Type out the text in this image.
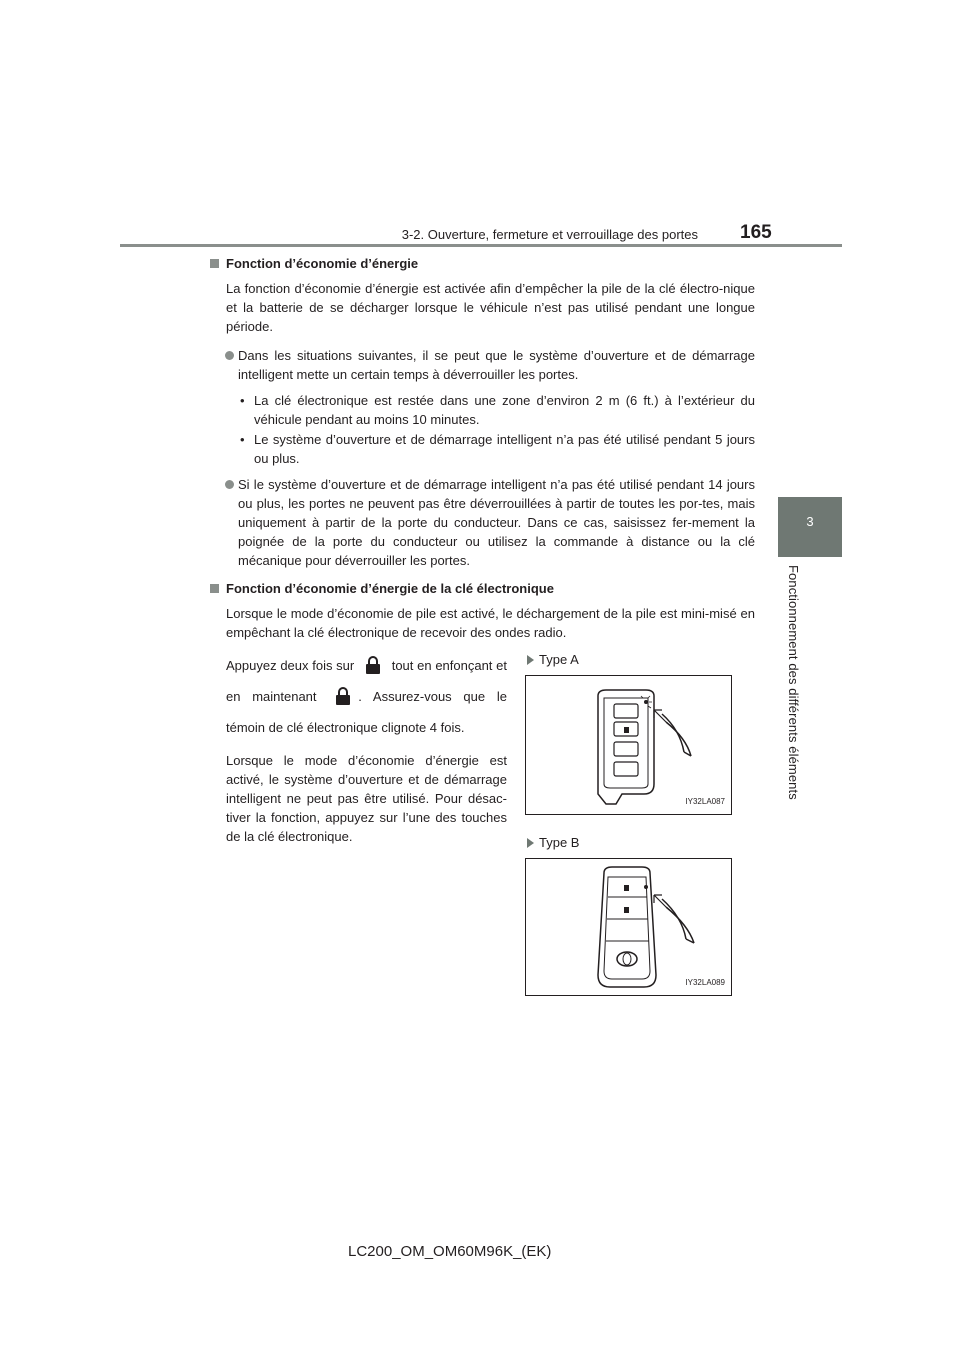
3-2. Ouverture, fermeture et verrouillage des portes 165
3
Fonctionnement des différents éléments

Fonction d’économie d’énergie

La fonction d’économie d’énergie est activée afin d’empêcher la pile de la clé électro-nique et la batterie de se décharger lorsque le véhicule n’est pas utilisé pendant une longue période.

Dans les situations suivantes, il se peut que le système d’ouverture et de démarrage intelligent mette un certain temps à déverrouiller les portes.

• La clé électronique est restée dans une zone d’environ 2 m (6 ft.) à l’extérieur du véhicule pendant au moins 10 minutes.

• Le système d’ouverture et de démarrage intelligent n’a pas été utilisé pendant 5 jours ou plus.

Si le système d’ouverture et de démarrage intelligent n’a pas été utilisé pendant 14 jours ou plus, les portes ne peuvent pas être déverrouillées à partir de toutes les por-tes, mais uniquement à partir de la porte du conducteur. Dans ce cas, saisissez fer-mement la poignée de la porte du conducteur ou utilisez la commande à distance ou la clé mécanique pour déverrouiller les portes.

Fonction d’économie d’énergie de la clé électronique

Lorsque le mode d’économie de pile est activé, le déchargement de la pile est mini-misé en empêchant la clé électronique de recevoir des ondes radio.

Appuyez deux fois sur	tout en enfonçant et en maintenant	. Assurez-vous que le témoin de clé électronique clignote 4 fois.

Lorsque le mode d’économie d’énergie est activé, le système d’ouverture et de démarrage intelligent ne peut pas être utilisé. Pour désac-tiver la fonction, appuyez sur l’une des touches de la clé électronique.

Type A
IY32LA087
Type B
IY32LA089
LC200_OM_OM60M96K_(EK)
